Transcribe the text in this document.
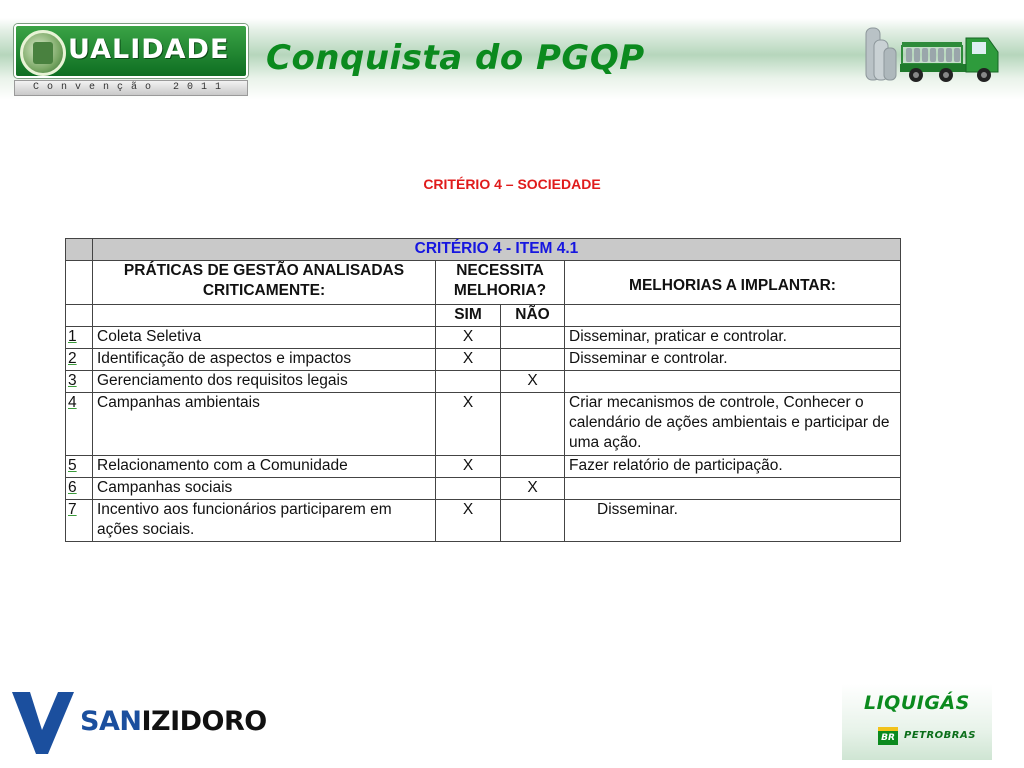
UALIDADE
Convenção 2011
Conquista do PGQP
CRITÉRIO 4 – SOCIEDADE
	CRITÉRIO 4 - ITEM 4.1			
	PRÁTICAS DE GESTÃO ANALISADAS CRITICAMENTE:	NECESSITA MELHORIA?		MELHORIAS A IMPLANTAR:
		SIM	NÃO	
1	Coleta Seletiva	X		Disseminar, praticar e controlar.
2	Identificação de aspectos e impactos	X		Disseminar e controlar.
3	Gerenciamento dos requisitos legais		X	
4	Campanhas ambientais	X		Criar mecanismos de controle, Conhecer o calendário de ações ambientais e participar de uma ação.
5	Relacionamento com a Comunidade	X		Fazer relatório de participação.
6	Campanhas sociais		X	
7	Incentivo aos funcionários participarem em ações sociais.	X		Disseminar.
SANIZIDORO
LIQUIGÁS
BR PETROBRAS
